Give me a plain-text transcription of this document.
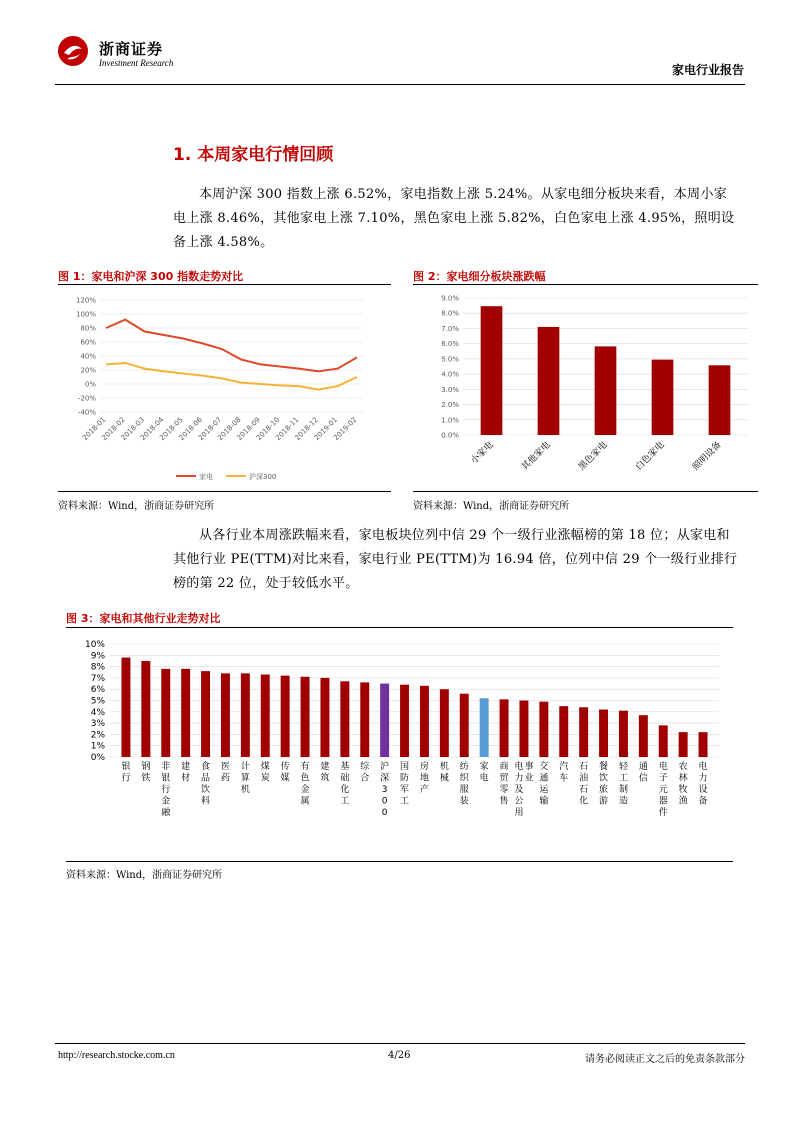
浙商证券
Investment Research	家电行业报告
1. 本周家电行情回顾
本周沪深 300 指数上涨 6.52%，家电指数上涨 5.24%。从家电细分板块来看，本周小家电上涨 8.46%，其他家电上涨 7.10%，黑色家电上涨 5.82%，白色家电上涨 4.95%，照明设备上涨 4.58%。
图 1：家电和沪深 300 指数走势对比
120%
100%
80%
60%
40%
20%
0%
-20%
-40%
2018-01
2018-02
2018-03
2018-04
2018-05
2018-06
2018-07
2018-08
2018-09
2018-10
2018-11
2018-12
2019-01
2019-02
家电	沪深300
资料来源：Wind，浙商证券研究所
图 2：家电细分板块涨跌幅
9.0%
8.0%
7.0%
6.0%
5.0%
4.0%
3.0%
2.0%
1.0%
0.0%
小家电	其他家电	黑色家电	白色家电	照明设备
资料来源：Wind，浙商证券研究所
从各行业本周涨跌幅来看，家电板块位列中信 29 个一级行业涨幅榜的第 18 位；从家电和其他行业 PE(TTM)对比来看，家电行业 PE(TTM)为 16.94 倍，位列中信 29 个一级行业排行榜的第 22 位，处于较低水平。
图 3：家电和其他行业走势对比
10%
9%
8%
7%
6%
5%
4%
3%
2%
1%
0%
银行
钢铁
非银行金融
建材
食品饮料
医药
计算机
煤炭
传媒
有色金属
建筑
基础化工
综合
沪深 3 0 0
国防军工
房地产
机械
纺织服装
家电
商贸零售
电力及公用事业
交通运输
汽车
石油石化
餐饮旅游
轻工制造
通信
电子元器件
农林牧渔
电力设备
资料来源：Wind，浙商证券研究所
http://research.stocke.com.cn	4/26	请务必阅读正文之后的免责条款部分
